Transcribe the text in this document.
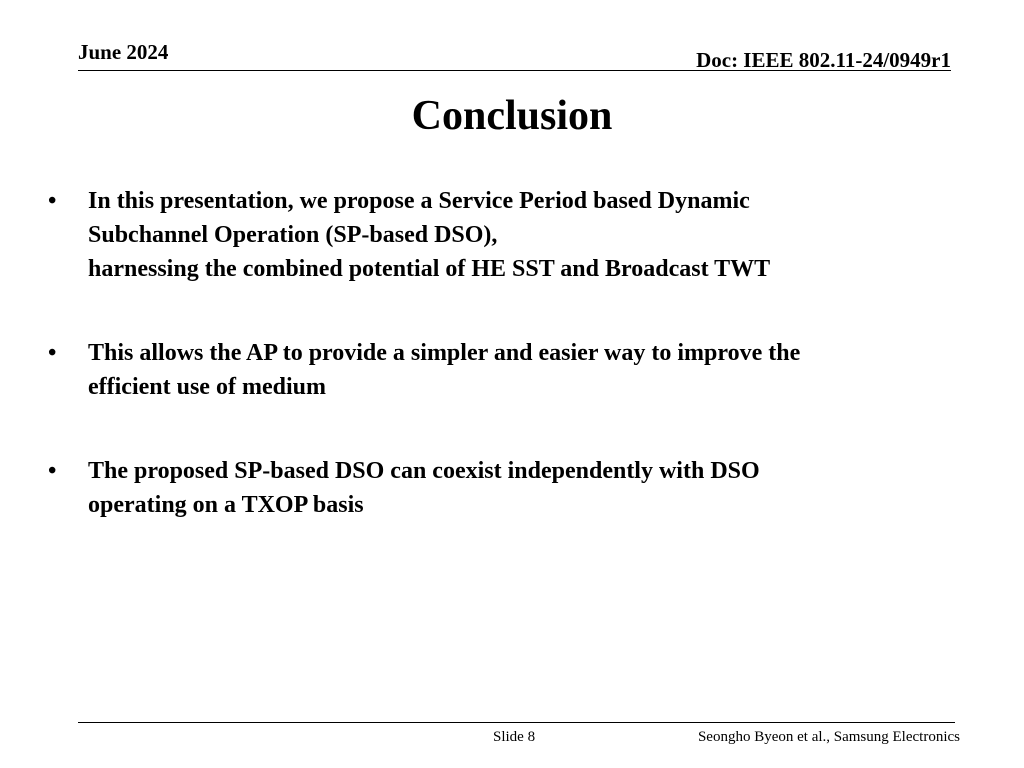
June 2024	Doc: IEEE 802.11-24/0949r1
Conclusion
•	In this presentation, we propose a Service Period based Dynamic
Subchannel Operation (SP-based DSO),
harnessing the combined potential of HE SST and Broadcast TWT
•	This allows the AP to provide a simpler and easier way to improve the
efficient use of medium
•	The proposed SP-based DSO can coexist independently with DSO
operating on a TXOP basis
Slide 8	Seongho Byeon et al., Samsung Electronics
